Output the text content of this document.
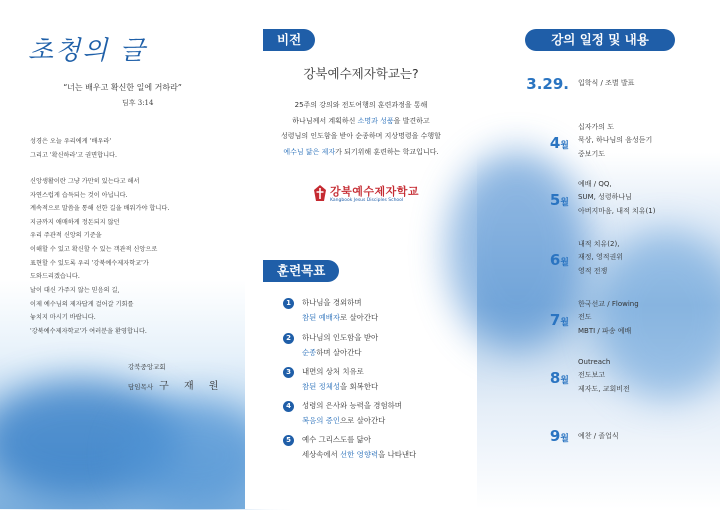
초청의 글
“너는 배우고 확신한 일에 거하라”
딤후 3:14
성경은 오늘 우리에게 '배우라'
그리고 '확신하라'고 권면합니다.
신앙생활이란 그냥 가만히 있는다고 해서
자연스럽게 습득되는 것이 아닙니다.
계속적으로 말씀을 통해 선한 길을 배워가야 합니다.
지금까지 애매하게 정돈되지 않던
우리 주관적 신앙의 기준을
이해할 수 있고 확신할 수 있는 객관적 신앙으로
표현할 수 있도록 우리 '강북예수제자학교'가
도와드리겠습니다.
날이 대신 가주지 않는 믿음의 길,
이제 예수님의 제자답게 걸어갈 기회를
놓치지 마시기 바랍니다.
'강북예수제자학교'가 여러분을 환영합니다.
강북중앙교회
담임목사 구 재 원
비전
강북예수제자학교는?
25주의 강의와 전도여행의 훈련과정을 통해
하나님께서 계획하신 소명과 성품을 발견하고
성령님의 인도함을 받아 순종하며 지상명령을 수행할
예수님 닮은 제자가 되기위해 훈련하는 학교입니다.
강북예수제자학교
Kangbook Jesus Disciples School
훈련목표
1	하나님을 경외하며
참된 예배자로 살아간다
2	하나님의 인도함을 받아
순종하며 살아간다
3	내면의 상처 치유로
참된 정체성을 회복한다
4	성령의 은사와 능력을 경험하며
복음의 증인으로 살아간다
5	예수 그리스도를 닮아
세상속에서 선한 영향력을 나타낸다
강의 일정 및 내용
3.29. 입학식 / 조별 발표
4월
십자가의 도
묵상, 하나님의 음성듣기
중보기도
5월
예배 / QQ,
SUM, 성령하나님
아버지마음, 내적 치유(1)
6월
내적 치유(2),
재정, 영적권위
영적 전쟁
7월
한국선교 / Flowing
전도
MBTI / 파송 예배
8월
Outreach
전도보고
제자도, 교회비전
9월 예찬 / 졸업식
